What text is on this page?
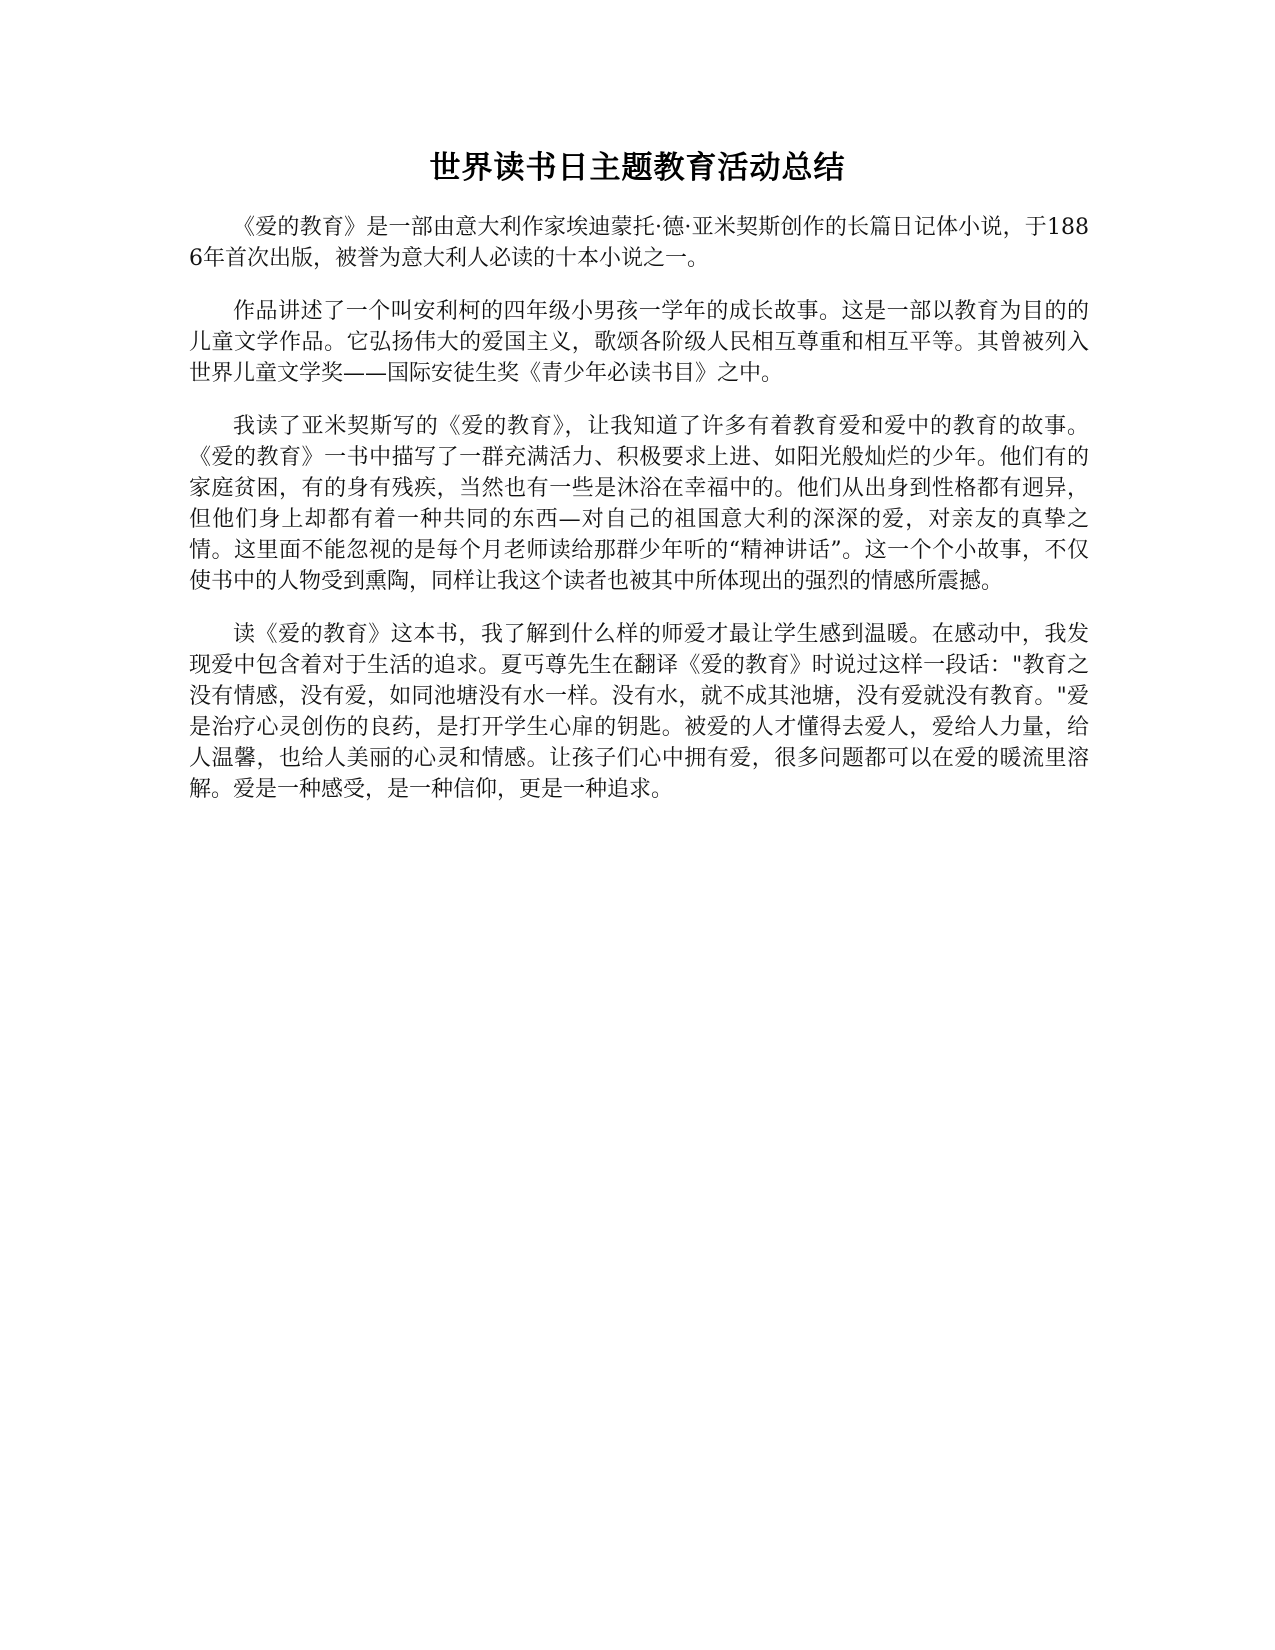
世界读书日主题教育活动总结

《爱的教育》是一部由意大利作家埃迪蒙托·德·亚米契斯创作的长篇日记体小说，于1886年首次出版，被誉为意大利人必读的十本小说之一。

作品讲述了一个叫安利柯的四年级小男孩一学年的成长故事。这是一部以教育为目的的儿童文学作品。它弘扬伟大的爱国主义，歌颂各阶级人民相互尊重和相互平等。其曾被列入世界儿童文学奖——国际安徒生奖《青少年必读书目》之中。

我读了亚米契斯写的《爱的教育》，让我知道了许多有着教育爱和爱中的教育的故事。《爱的教育》一书中描写了一群充满活力、积极要求上进、如阳光般灿烂的少年。他们有的家庭贫困，有的身有残疾，当然也有一些是沐浴在幸福中的。他们从出身到性格都有迥异，但他们身上却都有着一种共同的东西—对自己的祖国意大利的深深的爱，对亲友的真挚之情。这里面不能忽视的是每个月老师读给那群少年听的“精神讲话”。这一个个小故事，不仅使书中的人物受到熏陶，同样让我这个读者也被其中所体现出的强烈的情感所震撼。

读《爱的教育》这本书，我了解到什么样的师爱才最让学生感到温暖。在感动中，我发现爱中包含着对于生活的追求。夏丐尊先生在翻译《爱的教育》时说过这样一段话："教育之没有情感，没有爱，如同池塘没有水一样。没有水，就不成其池塘，没有爱就没有教育。"爱是治疗心灵创伤的良药，是打开学生心扉的钥匙。被爱的人才懂得去爱人，爱给人力量，给人温馨，也给人美丽的心灵和情感。让孩子们心中拥有爱，很多问题都可以在爱的暖流里溶解。爱是一种感受，是一种信仰，更是一种追求。
